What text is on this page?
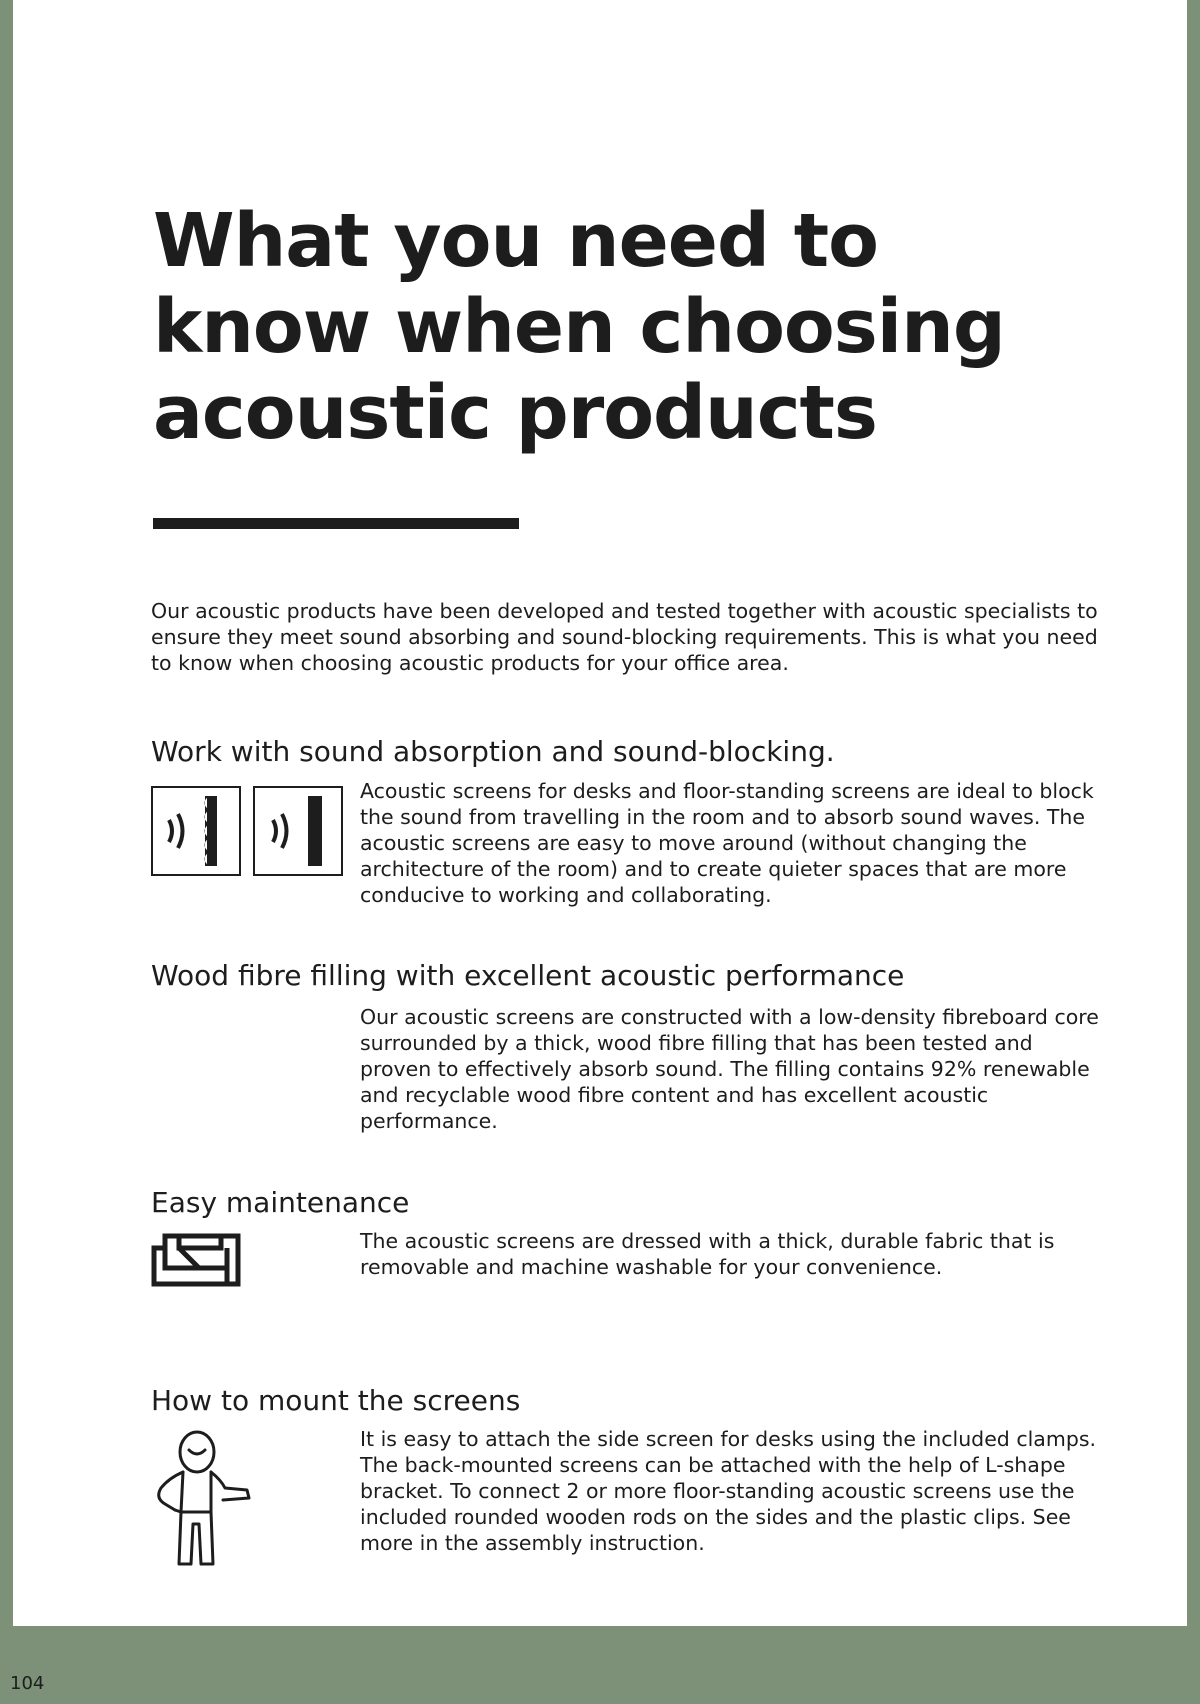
What you need to know when choosing acoustic products

Our acoustic products have been developed and tested together with acoustic specialists to ensure they meet sound absorbing and sound-blocking requirements. This is what you need to know when choosing acoustic products for your office area.

Work with sound absorption and sound-blocking.

Acoustic screens for desks and floor-standing screens are ideal to block the sound from travelling in the room and to absorb sound waves. The acoustic screens are easy to move around (without changing the architecture of the room) and to create quieter spaces that are more conducive to working and collaborating.

Wood fibre filling with excellent acoustic performance

Our acoustic screens are constructed with a low-density fibreboard core surrounded by a thick, wood fibre filling that has been tested and proven to effectively absorb sound. The filling contains 92% renewable and recyclable wood fibre content and has excellent acoustic performance.

Easy maintenance

The acoustic screens are dressed with a thick, durable fabric that is removable and machine washable for your convenience.

How to mount the screens

It is easy to attach the side screen for desks using the included clamps. The back-mounted screens can be attached with the help of L-shape bracket. To connect 2 or more floor-standing acoustic screens use the included rounded wooden rods on the sides and the plastic clips. See more in the assembly instruction.

104
